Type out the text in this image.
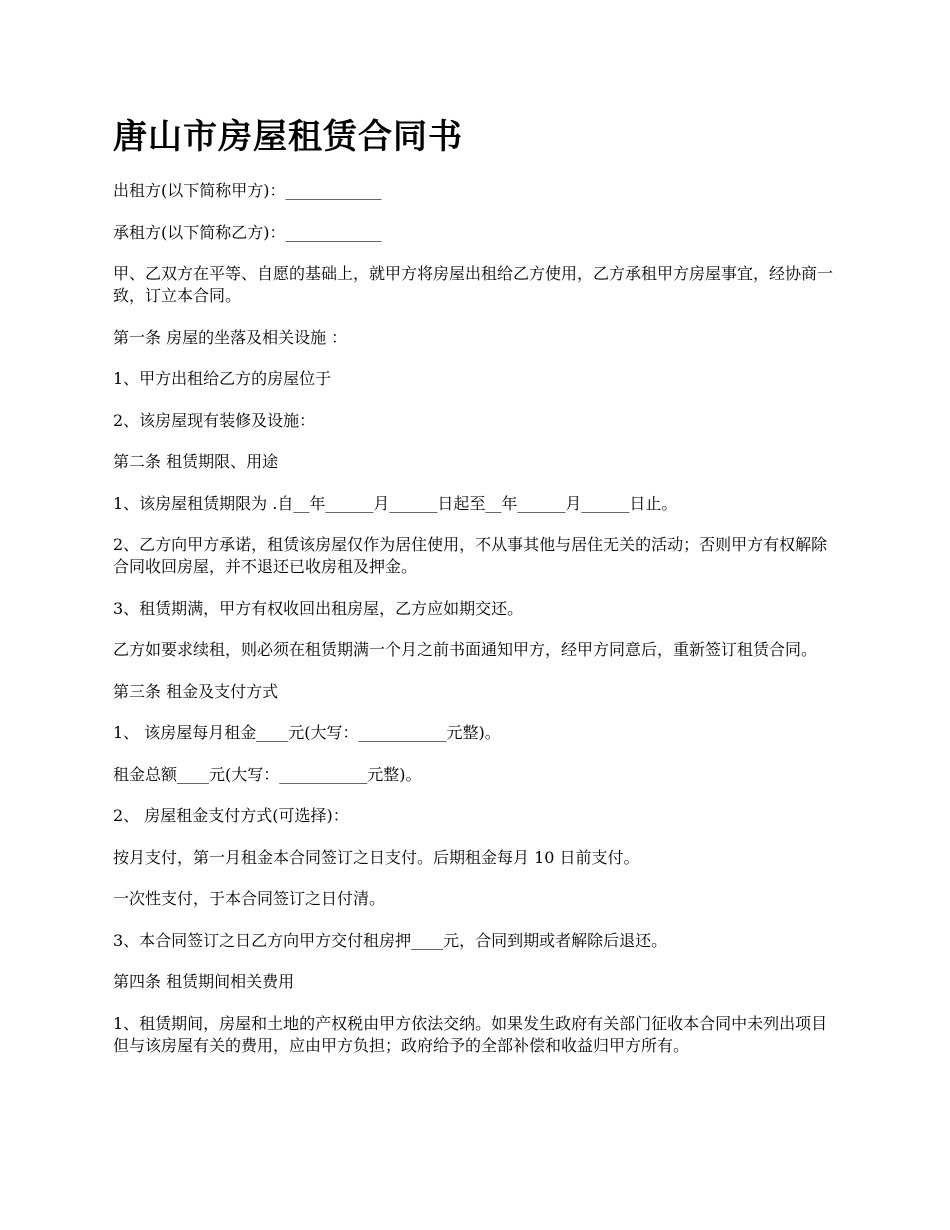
唐山市房屋租赁合同书

出租方(以下简称甲方)：____________

承租方(以下简称乙方)：____________

甲、乙双方在平等、自愿的基础上，就甲方将房屋出租给乙方使用，乙方承租甲方房屋事宜，经协商一致，订立本合同。

第一条 房屋的坐落及相关设施 ：

1、甲方出租给乙方的房屋位于

2、该房屋现有装修及设施：

第二条 租赁期限、用途

1、该房屋租赁期限为 .自__年______月______日起至__年______月______日止。

2、乙方向甲方承诺，租赁该房屋仅作为居住使用，不从事其他与居住无关的活动；否则甲方有权解除合同收回房屋，并不退还已收房租及押金。

3、租赁期满，甲方有权收回出租房屋，乙方应如期交还。

乙方如要求续租，则必须在租赁期满一个月之前书面通知甲方，经甲方同意后，重新签订租赁合同。

第三条 租金及支付方式

1、 该房屋每月租金____元(大写：___________元整)。

租金总额____元(大写：___________元整)。

2、 房屋租金支付方式(可选择)：

按月支付，第一月租金本合同签订之日支付。后期租金每月 10 日前支付。

一次性支付，于本合同签订之日付清。

3、本合同签订之日乙方向甲方交付租房押____元，合同到期或者解除后退还。

第四条 租赁期间相关费用

1、租赁期间，房屋和土地的产权税由甲方依法交纳。如果发生政府有关部门征收本合同中未列出项目但与该房屋有关的费用，应由甲方负担；政府给予的全部补偿和收益归甲方所有。
